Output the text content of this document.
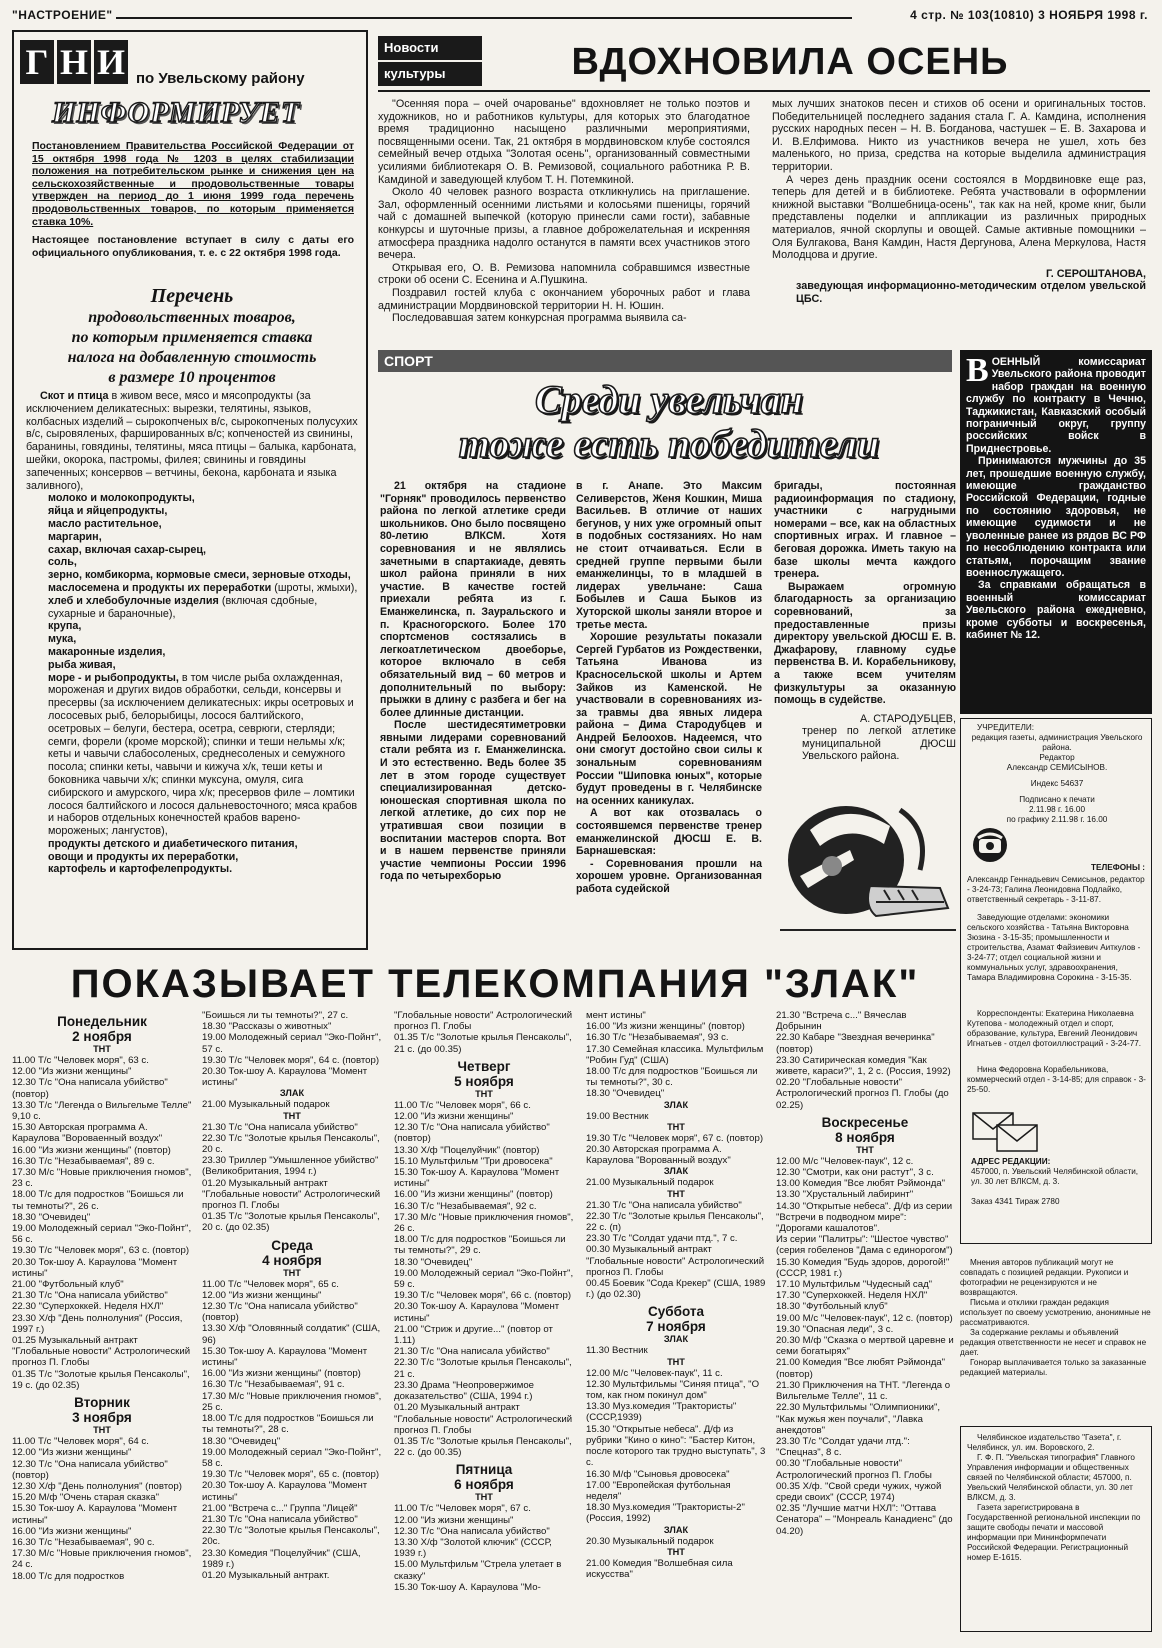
"НАСТРОЕНИЕ"	4 стр. № 103(10810) 3 НОЯБРЯ 1998 г.
Г Н И по Увельскому району
ИНФОРМИРУЕТ

Постановлением Правительства Российской Федерации от 15 октября 1998 года № 1203 в целях стабилизации положения на потребительском рынке и снижения цен на сельскохозяйственные и продовольственные товары утвержден на период до 1 июня 1999 года перечень продовольственных товаров, по которым применяется ставка 10%.

Настоящее постановление вступает в силу с даты его официального опубликования, т. е. с 22 октября 1998 года.

Перечень
продовольственных товаров,
по которым применяется ставка
налога на добавленную стоимость
в размере 10 процентов

Скот и птица в живом весе, мясо и мясопродукты (за исключением деликатесных: вырезки, телятины, языков, колбасных изделий – сырокопченых в/с, сырокопченых полусухих в/с, сыровяленых, фаршированных в/с; копченостей из свинины, баранины, говядины, телятины, мяса птицы – балыка, карбоната, шейки, окорока, пастромы, филея; свинины и говядины запеченных; консервов – ветчины, бекона, карбоната и языка заливного),

молоко и молокопродукты,

яйца и яйцепродукты,

масло растительное,

маргарин,

сахар, включая сахар-сырец,

соль,

зерно, комбикорма, кормовые смеси, зерновые отходы,

маслосемена и продукты их переработки (шроты, жмыхи),

хлеб и хлебобулочные изделия (включая сдобные, сухарные и бараночные),

крупа,

мука,

макаронные изделия,

рыба живая,

море - и рыбопродукты, в том числе рыба охлажденная, мороженая и других видов обработки, сельди, консервы и пресервы (за исключением деликатесных: икры осетровых и лососевых рыб, белорыбицы, лосося балтийского, осетровых – белуги, бестера, осетра, севрюги, стерляди; семги, форели (кроме морской); спинки и теши нельмы х/к; кеты и чавычи слабосоленых, среднесоленых и семужного посола; спинки кеты, чавычи и кижуча х/к, теши кеты и боковника чавычи х/к; спинки муксуна, омуля, сига сибирского и амурского, чира х/к; пресервов филе – ломтики лосося балтийского и лосося дальневосточного; мяса крабов и наборов отдельных конечностей крабов варено-мороженых; лангустов),

продукты детского и диабетического питания,

овощи и продукты их переработки,

картофель и картофелепродукты.

Новости
культуры	ВДОХНОВИЛА ОСЕНЬ

"Осенняя пора – очей очарованье" вдохновляет не только поэтов и художников, но и работников культуры, для которых это благодатное время традиционно насыщено различными мероприятиями, посвященными осени. Так, 21 октября в мордвиновском клубе состоялся семейный вечер отдыха "Золотая осень", организованный совместными усилиями библиотекаря О. В. Ремизовой, социального работника Р. В. Камдиной и заведующей клубом Т. Н. Потемкиной.

Около 40 человек разного возраста откликнулись на приглашение. Зал, оформленный осенними листьями и колосьями пшеницы, горячий чай с домашней выпечкой (которую принесли сами гости), забавные конкурсы и шуточные призы, а главное доброжелательная и искренняя атмосфера праздника надолго останутся в памяти всех участников этого вечера.

Открывая его, О. В. Ремизова напомнила собравшимся известные строки об осени С. Есенина и А.Пушкина.

Поздравил гостей клуба с окончанием уборочных работ и глава администрации Мордвиновской территории Н. Н. Юшин.

Последовавшая затем конкурсная программа выявила са-

мых лучших знатоков песен и стихов об осени и оригинальных тостов. Победительницей последнего задания стала Г. А. Камдина, исполнения русских народных песен – Н. В. Богданова, частушек – Е. В. Захарова и И. В.Елфимова. Никто из участников вечера не ушел, хоть без маленького, но приза, средства на которые выделила администрация территории.

А через день праздник осени состоялся в Мордвиновке еще раз, теперь для детей и в библиотеке. Ребята участвовали в оформлении книжной выставки "Волшебница-осень", так как на ней, кроме книг, были представлены поделки и аппликации из различных природных материалов, ячной скорлупы и овощей. Самые активные помощники – Оля Булгакова, Ваня Камдин, Настя Дергунова, Алена Меркулова, Настя Молодцова и другие.

Г. СЕРОШТАНОВА,
заведующая информационно-методическим отделом увельской ЦБС.
СПОРТ
Среди увельчан
тоже есть победители

21 октября на стадионе "Горняк" проводилось первенство района по легкой атлетике среди школьников. Оно было посвящено 80-летию ВЛКСМ. Хотя соревнования и не являлись зачетными в спартакиаде, девять школ района приняли в них участие. В качестве гостей приехали ребята из г. Еманжелинска, п. Зауральского и п. Красногорского. Более 170 спортсменов состязались в легкоатлетическом двоеборье, которое включало в себя обязательный вид – 60 метров и дополнительный по выбору: прыжки в длину с разбега и бег на более длинные дистанции.

После шестидесятиметровки явными лидерами соревнований стали ребята из г. Еманжелинска. И это естественно. Ведь более 35 лет в этом городе существует специализированная детско-юношеская спортивная школа по легкой атлетике, до сих пор не утратившая свои позиции в воспитании мастеров спорта. Вот и в нашем первенстве приняли участие чемпионы России 1996 года по четырехборью

в г. Анапе. Это Максим Селиверстов, Женя Кошкин, Миша Васильев. В отличие от наших бегунов, у них уже огромный опыт в подобных состязаниях. Но нам не стоит отчаиваться. Если в средней группе первыми были еманжелинцы, то в младшей в лидерах увельчане: Саша Бобылев и Саша Быков из Хуторской школы заняли второе и третье места.

Хорошие результаты показали Сергей Гурбатов из Рождественки, Татьяна Иванова из Красносельской школы и Артем Зайков из Каменской. Не участвовали в соревнованиях из-за травмы два явных лидера района – Дима Стародубцев и Андрей Белоохов. Надеемся, что они смогут достойно свои силы к зональным соревнованиям России "Шиповка юных", которые будут проведены в г. Челябинске на осенних каникулах.

А вот как отозвалась о состоявшемся первенстве тренер еманжелинской ДЮСШ Е. В. Барнашевская:

- Соревнования прошли на хорошем уровне. Организованная работа судейской

бригады, постоянная радиоинформация по стадиону, участники с нагрудными номерами – все, как на областных спортивных играх. И главное – беговая дорожка. Иметь такую на базе школы мечта каждого тренера.

Выражаем огромную благодарность за организацию соревнований, за предоставленные призы директору увельской ДЮСШ Е. В. Джафарову, главному судье первенства В. И. Корабельникову, а также всем учителям физкультуры за оказанную помощь в судействе.

А. СТАРОДУБЦЕВ,
тренер по легкой атлетике муниципальной ДЮСШ Увельского района.
В ОЕННЫЙ комиссариат Увельского района проводит набор граждан на военную службу по контракту в Чечню, Таджикистан, Кавказский особый пограничный округ, группу российских войск в Приднестровье.

Принимаются мужчины до 35 лет, прошедшие военную службу, имеющие гражданство Российской Федерации, годные по состоянию здоровья, не имеющие судимости и не уволенные ранее из рядов ВС РФ по несоблюдению контракта или статьям, порочащим звание военнослужащего.

За справками обращаться в военный комиссариат Увельского района ежедневно, кроме субботы и воскресенья, кабинет № 12.

УЧРЕДИТЕЛИ:
редакция газеты, администрация Увельского района.
Редактор
Александр СЕМИСЫНОВ.
Индекс 54637
Подписано к печати
2.11.98 г. 16.00
по графику 2.11.98 г. 16.00
ТЕЛЕФОНЫ :

Александр Геннадьевич Семисынов, редактор - 3-24-73; Галина Леонидовна Подлайко, ответственный секретарь - 3-11-87.

Заведующие отделами: экономики сельского хозяйства - Татьяна Викторовна Зюзина - 3-15-35; промышленности и строительства, Азамат Файзиевич Аиткулов - 3-24-77; отдел социальной жизни и коммунальных услуг, здравоохранения, Тамара Владимировна Сорокина - 3-15-35.

Корреспонденты: Екатерина Николаевна Кутепова - молодежный отдел и спорт, образование, культура, Евгений Леонидович Игнатьев - отдел фотоиллюстраций - 3-24-77.

Нина Федоровна Корабельникова, коммерческий отдел - 3-14-85; для справок - 3-25-50.

АДРЕС РЕДАКЦИИ:

457000, п. Увельский Челябинской области, ул. 30 лет ВЛКСМ, д. 3.

Заказ 4341 Тираж 2780

Мнения авторов публикаций могут не совпадать с позицией редакции. Рукописи и фотографии не рецензируются и не возвращаются.

Письма и отклики граждан редакция использует по своему усмотрению, анонимные не рассматриваются.

За содержание рекламы и объявлений редакция ответственности не несет и справок не дает.

Гонорар выплачивается только за заказанные редакцией материалы.

Челябинское издательство "Газета", г. Челябинск, ул. им. Воровского, 2.

Г. Ф. П. "Увельская типография" Главного Управления информации и общественных связей по Челябинской области; 457000, п. Увельский Челябинской области, ул. 30 лет ВЛКСМ, д. 3.

Газета зарегистрирована в Государственной региональной инспекции по защите свободы печати и массовой информации при Мининформпечати Российской Федерации. Регистрационный номер Е-1615.

ПОКАЗЫВАЕТ ТЕЛЕКОМПАНИЯ "ЗЛАК"
Понедельник
2 ноября
ТНТ
11.00 Т/с "Человек моря", 63 с.
12.00 "Из жизни женщины"
12.30 Т/с "Она написала убийство" (повтор)
13.30 Т/с "Легенда о Вильгельме Телле" 9,10 с.
15.30 Авторская программа А. Караулова "Вороваенный воздух"
16.00 "Из жизни женщины" (повтор)
16.30 Т/с "Незабываемая", 89 с.
17.30 М/с "Новые приключения гномов", 23 с.
18.00 Т/с для подростков "Боишься ли ты темноты?", 26 с.
18.30 "Очевидец"
19.00 Молодежный сериал "Эко-Пойнт", 56 с.
19.30 Т/с "Человек моря", 63 с. (повтор)
20.30 Ток-шоу А. Караулова "Момент истины"
21.00 "Футбольный клуб"
21.30 Т/с "Она написала убийство"
22.30 "Суперхоккей. Неделя НХЛ"
23.30 Х/ф "День полнолуния" (Россия, 1997 г.)
01.25 Музыкальный антракт "Глобальные новости" Астрологический прогноз П. Глобы
01.35 Т/с "Золотые крылья Пенсаколы", 19 с. (до 02.35)
Вторник
3 ноября
ТНТ
11.00 Т/с "Человек моря", 64 с.
12.00 "Из жизни женщины"
12.30 Т/с "Она написала убийство" (повтор)
12.30 Х/ф "День полнолуния" (повтор)
15.20 М/ф "Очень старая сказка"
15.30 Ток-шоу А. Караулова "Момент истины"
16.00 "Из жизни женщины"
16.30 Т/с "Незабываемая", 90 с.
17.30 М/с "Новые приключения гномов", 24 с.
18.00 Т/с для подростков
"Боишься ли ты темноты?", 27 с.
18.30 "Рассказы о животных"
19.00 Молодежный сериал "Эко-Пойнт", 57 с.
19.30 Т/с "Человек моря", 64 с. (повтор)
20.30 Ток-шоу А. Караулова "Момент истины"
ЗЛАК
21.00 Музыкальный подарок
ТНТ
21.30 Т/с "Она написала убийство"
22.30 Т/с "Золотые крылья Пенсаколы", 20 с.
23.30 Триллер "Умышленное убийство" (Великобритания, 1994 г.)
01.20 Музыкальный антракт "Глобальные новости" Астрологический прогноз П. Глобы
01.35 Т/с "Золотые крылья Пенсаколы", 20 с. (до 02.35)
Среда
4 ноября
ТНТ
11.00 Т/с "Человек моря", 65 с.
12.00 "Из жизни женщины"
12.30 Т/с "Она написала убийство" (повтор)
13.30 Х/ф "Оловянный солдатик" (США, 96)
15.30 Ток-шоу А. Караулова "Момент истины"
16.00 "Из жизни женщины" (повтор)
16.30 Т/с "Незабываемая", 91 с.
17.30 М/с "Новые приключения гномов", 25 с.
18.00 Т/с для подростков "Боишься ли ты темноты?", 28 с.
18.30 "Очевидец"
19.00 Молодежный сериал "Эко-Пойнт", 58 с.
19.30 Т/с "Человек моря", 65 с. (повтор)
20.30 Ток-шоу А. Караулова "Момент истины"
21.00 "Встреча с..." Группа "Лицей"
21.30 Т/с "Она написала убийство"
22.30 Т/с "Золотые крылья Пенсаколы", 20с.
23.30 Комедия "Поцелуйчик" (США, 1989 г.)
01.20 Музыкальный антракт.
"Глобальные новости" Астрологический прогноз П. Глобы
01.35 Т/с "Золотые крылья Пенсаколы", 21 с. (до 00.35)
Четверг
5 ноября
ТНТ
11.00 Т/с "Человек моря", 66 с.
12.00 "Из жизни женщины"
12.30 Т/с "Она написала убийство" (повтор)
13.30 Х/ф "Поцелуйчик" (повтор)
15.10 Мультфильм "Три дровосека"
15.30 Ток-шоу А. Караулова "Момент истины"
16.00 "Из жизни женщины" (повтор)
16.30 Т/с "Незабываемая", 92 с.
17.30 М/с "Новые приключения гномов", 26 с.
18.00 Т/с для подростков "Боишься ли ты темноты?", 29 с.
18.30 "Очевидец"
19.00 Молодежный сериал "Эко-Пойнт", 59 с.
19.30 Т/с "Человек моря", 66 с. (повтор)
20.30 Ток-шоу А. Караулова "Момент истины"
21.00 "Стриж и другие..." (повтор от 1.11)
21.30 Т/с "Она написала убийство"
22.30 Т/с "Золотые крылья Пенсаколы", 21 с.
23.30 Драма "Неопровержимое доказательство" (США, 1994 г.)
01.20 Музыкальный антракт "Глобальные новости" Астрологический прогноз П. Глобы
01.35 Т/с "Золотые крылья Пенсаколы", 22 с. (до 00.35)
Пятница
6 ноября
ТНТ
11.00 Т/с "Человек моря", 67 с.
12.00 "Из жизни женщины"
12.30 Т/с "Она написала убийство"
13.30 Х/ф "Золотой ключик" (СССР, 1939 г.)
15.00 Мультфильм "Стрела улетает в сказку"
15.30 Ток-шоу А. Караулова "Мо-
мент истины"
16.00 "Из жизни женщины" (повтор)
16.30 Т/с "Незабываемая", 93 с.
17.30 Семейная классика. Мультфильм "Робин Гуд" (США)
18.00 Т/с для подростков "Боишься ли ты темноты?", 30 с.
18.30 "Очевидец"
ЗЛАК
19.00 Вестник
ТНТ
19.30 Т/с "Человек моря", 67 с. (повтор)
20.30 Авторская программа А. Караулова "Ворованный воздух"
ЗЛАК
21.00 Музыкальный подарок
ТНТ
21.30 Т/с "Она написала убийство"
22.30 Т/с "Золотые крылья Пенсаколы", 22 с. (п)
23.30 Т/с "Солдат удачи птд.", 7 с.
00.30 Музыкальный антракт "Глобальные новости" Астрологический прогноз П. Глобы
00.45 Боевик "Сода Крекер" (США, 1989 г.) (до 02.30)
Суббота
7 ноября
ЗЛАК
11.30 Вестник
ТНТ
12.00 М/с "Человек-паук", 11 с.
12.30 Мультфильмы "Синяя птица", "О том, как гном покинул дом"
13.30 Муз.комедия "Трактористы" (СССР,1939)
15.30 "Открытые небеса". Д/ф из рубрики "Кино о кино": "Бастер Китон, после которого так трудно выступать", 3 с.
16.30 М/ф "Сыновья дровосека"
17.00 "Европейская футбольная неделя"
18.30 Муз.комедия "Трактористы-2" (Россия, 1992)
ЗЛАК
20.30 Музыкальный подарок
ТНТ
21.00 Комедия "Волшебная сила искусства"
21.30 "Встреча с..." Вячеслав Добрынин
22.30 Кабаре "Звездная вечеринка" (повтор)
23.30 Сатирическая комедия "Как живете, караси?", 1, 2 с. (Россия, 1992)
02.20 "Глобальные новости" Астрологический прогноз П. Глобы (до 02.25)
Воскресенье
8 ноября
ТНТ
12.00 М/с "Человек-паук", 12 с.
12.30 "Смотри, как они растут", 3 с.
13.00 Комедия "Все любят Рэймонда"
13.30 "Хрустальный лабиринт"
14.30 "Открытые небеса". Д/ф из серии "Встречи в подводном мире": "Дорогами кашалотов".
Из серии "Палитры": "Шестое чувство" (серия гобеленов "Дама с единорогом")
15.30 Комедия "Будь здоров, дорогой!" (СССР, 1981 г.)
17.10 Мультфильм "Чудесный сад"
17.30 "Суперхоккей. Неделя НХЛ"
18.30 "Футбольный клуб"
19.00 М/с "Человек-паук", 12 с. (повтор)
19.30 "Опасная леди", 3 с.
20.30 М/ф "Сказка о мертвой царевне и семи богатырях"
21.00 Комедия "Все любят Рэймонда" (повтор)
21.30 Приключения на ТНТ. "Легенда о Вильгельме Телле", 11 с.
22.30 Мультфильмы "Олимпионики", "Как мужья жен поучали", "Лавка анекдотов"
23.30 Т/с "Солдат удачи лтд.": "Спецназ", 8 с.
00.30 "Глобальные новости" Астрологический прогноз П. Глобы
00.35 Х/ф. "Свой среди чужих, чужой среди своих" (СССР, 1974)
02.35 "Лучшие матчи НХЛ": "Оттава Сенатора" – "Монреаль Канадиенс" (до 04.20)
